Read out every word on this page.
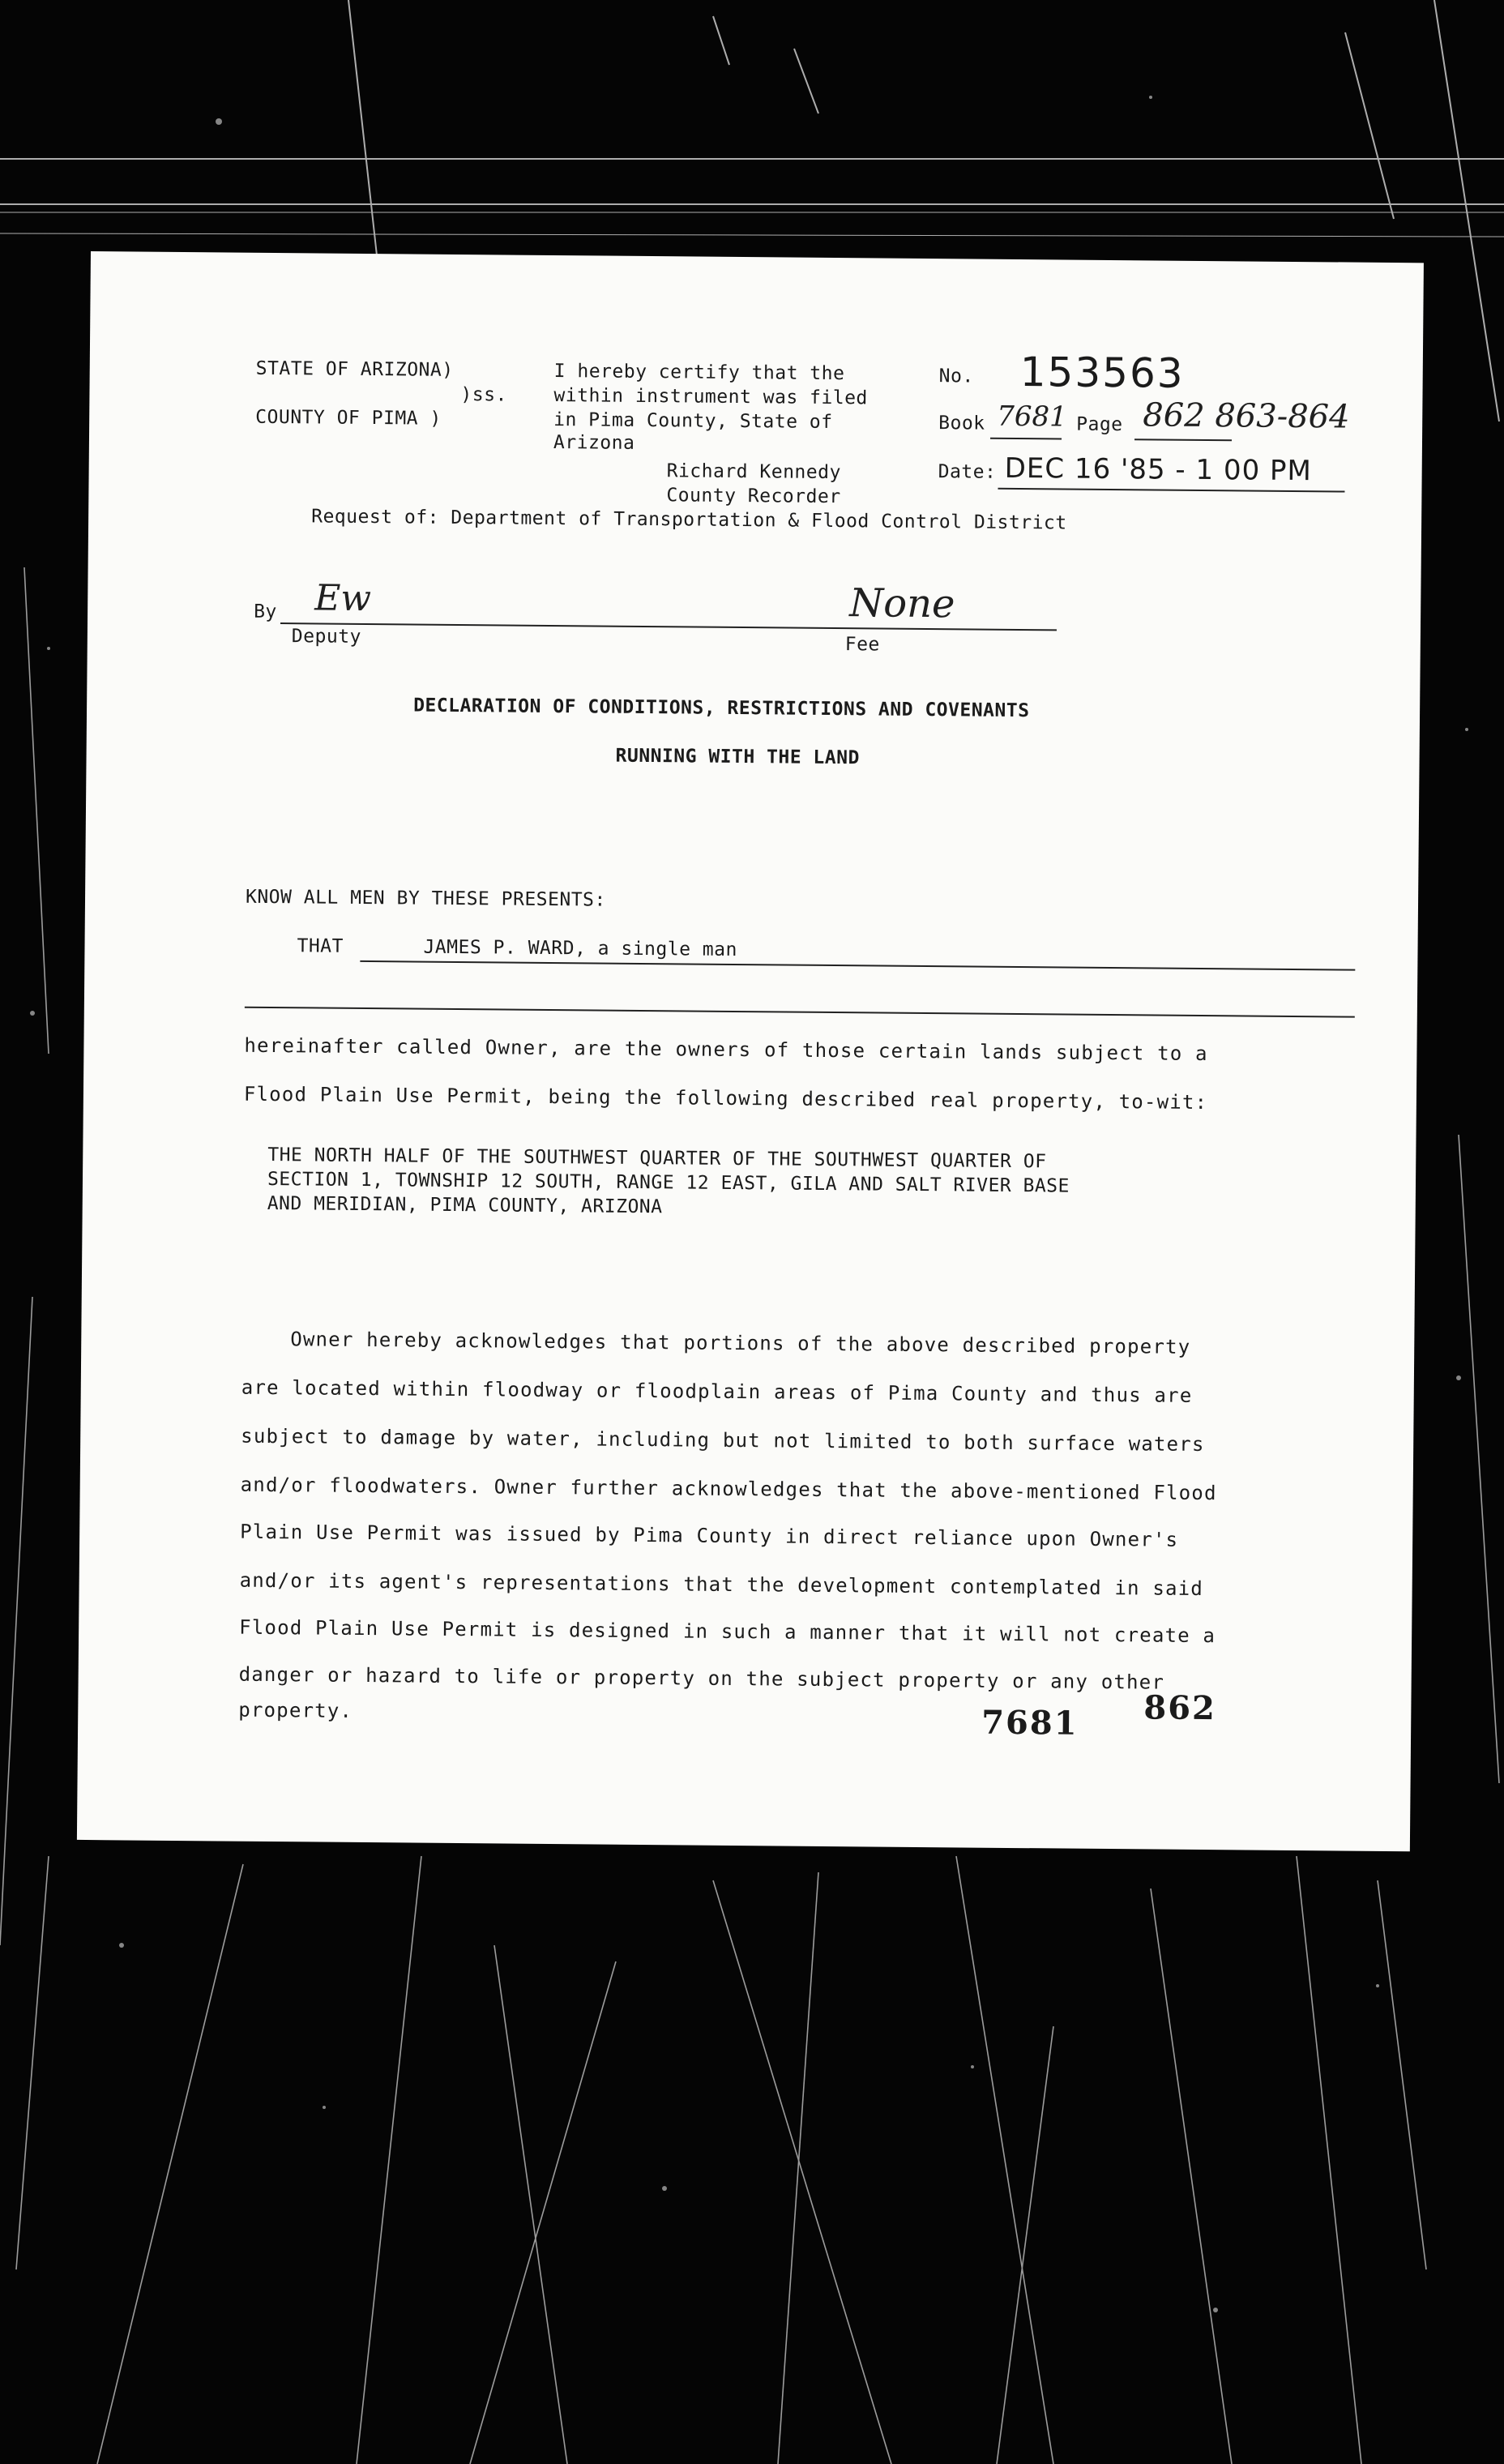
STATE OF ARIZONA)
)ss.
COUNTY OF PIMA )
I hereby certify that the
within instrument was filed
in Pima County, State of
Arizona
Richard Kennedy
County Recorder
No. 153563
Book 7681 Page 862 863-864
Date: DEC 16 '85 - 1 00 PM
Request of: Department of Transportation & Flood Control District
By Ew	None
Deputy	Fee
DECLARATION OF CONDITIONS, RESTRICTIONS AND COVENANTS
RUNNING WITH THE LAND
KNOW ALL MEN BY THESE PRESENTS:
THAT	JAMES P. WARD, a single man
hereinafter called Owner, are the owners of those certain lands subject to a
Flood Plain Use Permit, being the following described real property, to-wit:
THE NORTH HALF OF THE SOUTHWEST QUARTER OF THE SOUTHWEST QUARTER OF
SECTION 1, TOWNSHIP 12 SOUTH, RANGE 12 EAST, GILA AND SALT RIVER BASE
AND MERIDIAN, PIMA COUNTY, ARIZONA
Owner hereby acknowledges that portions of the above described property
are located within floodway or floodplain areas of Pima County and thus are
subject to damage by water, including but not limited to both surface waters
and/or floodwaters. Owner further acknowledges that the above-mentioned Flood
Plain Use Permit was issued by Pima County in direct reliance upon Owner's
and/or its agent's representations that the development contemplated in said
Flood Plain Use Permit is designed in such a manner that it will not create a
danger or hazard to life or property on the subject property or any other
property.	7681 862
